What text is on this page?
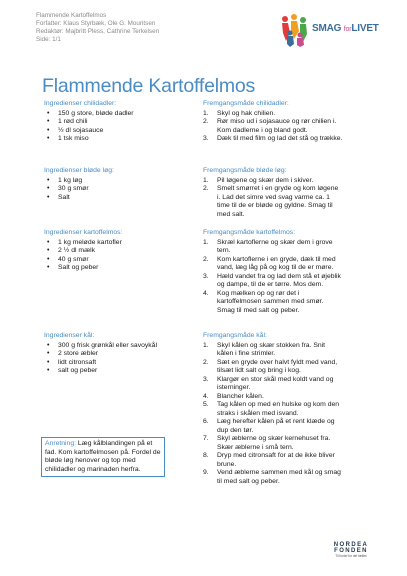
Flammende Kartoffelmos
Forfatter: Klaus Styrbæk, Ole G. Mouritsen
Redaktør: Majbritt Pless, Cathrine Terkelsen
Side: 1/1
SMAG forLIVET
Flammende Kartoffelmos
Ingredienser chilidadler:
• 150 g store, bløde dadler
• 1 rød chili
• ½ dl sojasauce
• 1 tsk miso
Fremgangsmåde chilidadler:
1. Skyl og hak chilien.
2. Rør miso ud i sojasauce og rør chilien i. Kom dadlerne i og bland godt.
3. Dæk til med film og lad det stå og trække.
Ingredienser bløde løg:
• 1 kg løg
• 30 g smør
• Salt
Fremgangsmåde bløde løg:
1. Pil løgene og skær dem i skiver.
2. Smelt smørret i en gryde og kom løgene i. Lad det simre ved svag varme ca. 1 time til de er bløde og gyldne. Smag til med salt.
Ingredienser kartoffelmos:
• 1 kg meløde kartofler
• 2 ½ dl mælk
• 40 g smør
• Salt og peber
Fremgangsmåde kartoffelmos:
1. Skræl kartoflerne og skær dem i grove tern.
2. Kom kartoflerne i en gryde, dæk til med vand, læg låg på og kog til de er møre.
3. Hæld vandet fra og lad dem stå et øjeblik og dampe, til de er tørre. Mos dem.
4. Kog mælken op og rør det i kartoffelmosen sammen med smør. Smag til med salt og peber.
Ingredienser kål:
• 300 g frisk grønkål eller savoykål
• 2 store æbler
• lidt citronsaft
• salt og peber
Fremgangsmåde kål:
1. Skyl kålen og skær stokken fra. Snit kålen i fine strimler.
2. Sæt en gryde over halvt fyldt med vand, tilsæt lidt salt og bring i kog.
3. Klargør en stor skål med koldt vand og isterninger.
4. Blancher kålen.
5. Tag kålen op med en hulske og kom den straks i skålen med isvand.
6. Læg herefter kålen på et rent klæde og dup den tør.
7. Skyl æblerne og skær kernehuset fra. Skær æblerne i små tern.
8. Dryp med citronsaft for at de ikke bliver brune.
9. Vend æblerne sammen med kål og smag til med salt og peber.
Anretning: Læg kålblandingen på et fad. Kom kartoffelmosen på. Fordel de bløde løg henover og top med chilidadler og marinaden herfra.
NORDEA
FONDEN
Til fordel for det fælles
